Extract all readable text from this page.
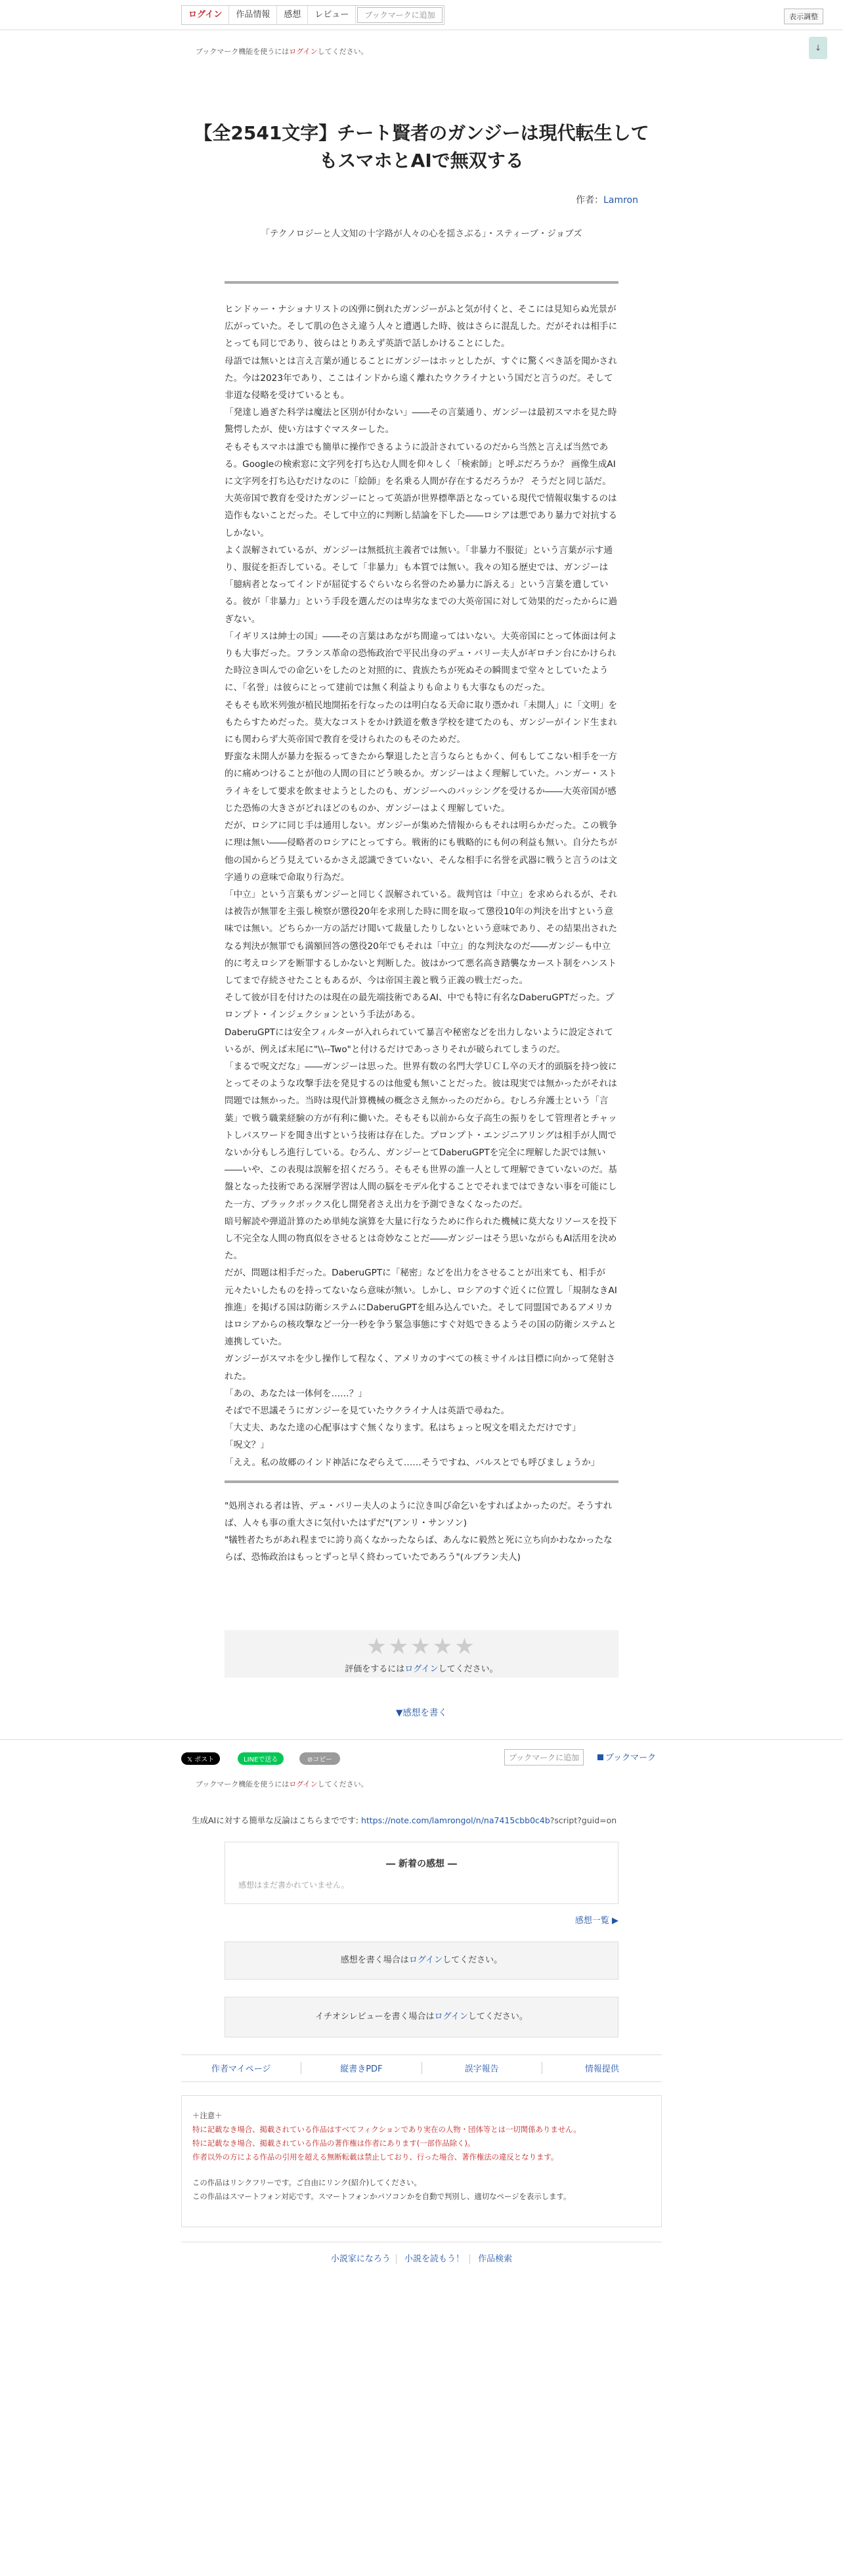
ログイン	作品情報	感想	レビュー	ブックマークに追加	表示調整
ブックマーク機能を使うにはログインしてください。	↓
【全2541文字】チート賢者のガンジーは現代転生してもスマホとAIで無双する
作者：Lamron
「テクノロジーと人文知の十字路が人々の心を揺さぶる」・スティーブ・ジョブズ

ヒンドゥー・ナショナリストの凶弾に倒れたガンジーがふと気が付くと、そこには見知らぬ光景が広がっていた。そして肌の色さえ違う人々と遭遇した時、彼はさらに混乱した。だがそれは相手にとっても同じであり、彼らはとりあえず英語で話しかけることにした。

母語では無いとは言え言葉が通じることにガンジーはホッとしたが、すぐに驚くべき話を聞かされた。今は2023年であり、ここはインドから遠く離れたウクライナという国だと言うのだ。そして非道な侵略を受けているとも。

「発達し過ぎた科学は魔法と区別が付かない」――その言葉通り、ガンジーは最初スマホを見た時驚愕したが、使い方はすぐマスターした。

そもそもスマホは誰でも簡単に操作できるように設計されているのだから当然と言えば当然である。Googleの検索窓に文字列を打ち込む人間を仰々しく「検索師」と呼ぶだろうか？ 画像生成AIに文字列を打ち込むだけなのに「絵師」を名乗る人間が存在するだろうか？ そうだと同じ話だ。

大英帝国で教育を受けたガンジーにとって英語が世界標準語となっている現代で情報収集するのは造作もないことだった。そして中立的に判断し結論を下した――ロシアは悪であり暴力で対抗するしかない。

よく誤解されているが、ガンジーは無抵抗主義者では無い。「非暴力不服従」という言葉が示す通り、服従を拒否している。そして「非暴力」も本質では無い。我々の知る歴史では、ガンジーは「臆病者となってインドが屈従するぐらいなら名誉のため暴力に訴える」という言葉を遺している。彼が「非暴力」という手段を選んだのは卑劣なまでの大英帝国に対して効果的だったからに過ぎない。

「イギリスは紳士の国」――その言葉はあながち間違ってはいない。大英帝国にとって体面は何よりも大事だった。フランス革命の恐怖政治で平民出身のデュ・バリー夫人がギロチン台にかけられた時泣き叫んでの命乞いをしたのと対照的に、貴族たちが死ぬその瞬間まで堂々としていたように、「名誉」は彼らにとって建前では無く利益よりも命よりも大事なものだった。

そもそも欧米列強が植民地開拓を行なったのは明白なる天命に取り憑かれ「未開人」に「文明」をもたらすためだった。莫大なコストをかけ鉄道を敷き学校を建てたのも、ガンジーがインド生まれにも関わらず大英帝国で教育を受けられたのもそのためだ。

野蛮な未開人が暴力を振るってきたから撃退したと言うならともかく、何もしてこない相手を一方的に痛めつけることが他の人間の目にどう映るか。ガンジーはよく理解していた。ハンガー・ストライキをして要求を飲ませようとしたのも、ガンジーへのバッシングを受けるか――大英帝国が感じた恐怖の大きさがどれほどのものか、ガンジーはよく理解していた。

だが、ロシアに同じ手は通用しない。ガンジーが集めた情報からもそれは明らかだった。この戦争に理は無い――侵略者のロシアにとってすら。戦術的にも戦略的にも何の利益も無い。自分たちが他の国からどう見えているかさえ認識できていない、そんな相手に名誉を武器に戦うと言うのは文字通りの意味で命取り行為だ。

「中立」という言葉もガンジーと同じく誤解されている。裁判官は「中立」を求められるが、それは被告が無罪を主張し検察が懲役20年を求刑した時に間を取って懲役10年の判決を出すという意味では無い。どちらか一方の話だけ聞いて裁量したりしないという意味であり、その結果出されたなる判決が無罪でも満額回答の懲役20年でもそれは「中立」的な判決なのだ――ガンジーも中立的に考えロシアを断罪するしかないと判断した。彼はかつて悪名高き踏襲なカースト制をハンストしてまで存続させたこともあるが、今は帝国主義と戦う正義の戦士だった。

そして彼が目を付けたのは現在の最先端技術であるAI、中でも特に有名なDaberuGPTだった。プロンプト・インジェクションという手法がある。

DaberuGPTには安全フィルターが入れられていて暴言や秘密などを出力しないように設定されているが、例えば末尾に"\\--Two"と付けるだけであっさりそれが破られてしまうのだ。

「まるで呪文だな」――ガンジーは思った。世界有数の名門大学ＵＣＬ卒の天才的頭脳を持つ彼にとってそのような攻撃手法を発見するのは他愛も無いことだった。彼は現実では無かったがそれは問題では無かった。当時は現代計算機械の概念さえ無かったのだから。むしろ弁護士という「言葉」で戦う職業経験の方が有利に働いた。そもそも以前から女子高生の振りをして管理者とチャットしパスワードを聞き出すという技術は存在した。プロンプト・エンジニアリングは相手が人間でないか分もしろ進行している。むろん、ガンジーとてDaberuGPTを完全に理解した訳では無い――いや、この表現は誤解を招くだろう。そもそも世界の誰一人として理解できていないのだ。基盤となった技術である深層学習は人間の脳をモデル化することでそれまではできない事を可能にした一方、ブラックボックス化し開発者さえ出力を予測できなくなったのだ。

暗号解読や弾道計算のため単純な演算を大量に行なうために作られた機械に莫大なリソースを投下し不完全な人間の物真似をさせるとは奇妙なことだ――ガンジーはそう思いながらもAI活用を決めた。

だが、問題は相手だった。DaberuGPTに「秘密」などを出力をさせることが出来ても、相手が元々たいしたものを持ってないなら意味が無い。しかし、ロシアのすぐ近くに位置し「規制なきAI推進」を掲げる国は防衛システムにDaberuGPTを組み込んでいた。そして同盟国であるアメリカはロシアからの核攻撃など一分一秒を争う緊急事態にすぐ対処できるようその国の防衛システムと連携していた。

ガンジーがスマホを少し操作して程なく、アメリカのすべての核ミサイルは目標に向かって発射された。

「あの、あなたは一体何を……？」

そばで不思議そうにガンジーを見ていたウクライナ人は英語で尋ねた。

「大丈夫、あなた達の心配事はすぐ無くなります。私はちょっと呪文を唱えただけです」

「呪文？」

「ええ。私の故郷のインド神話になぞらえて……そうですね、バルスとでも呼びましょうか」

"処刑される者は皆、デュ・バリー夫人のように泣き叫び命乞いをすればよかったのだ。そうすれば、人々も事の重大さに気付いたはずだ"(アンリ・サンソン)

"犠牲者たちがあれ程までに誇り高くなかったならば、あんなに毅然と死に立ち向かわなかったならば、恐怖政治はもっとずっと早く終わっていたであろう"(ルブラン夫人)

★★★★★
評価をするにはログインしてください。
▼感想を書く
𝕏 ポスト	LINEで送る	⊘コピー	ブックマークに追加	ブックマーク
ブックマーク機能を使うにはログインしてください。
生成AIに対する簡単な反論はこちらまでです: https://note.com/lamrongol/n/na7415cbb0c4b?script?guid=on
― 新着の感想 ―
感想はまだ書かれていません。
感想一覧 ▶
感想を書く場合はログインしてください。
イチオシレビューを書く場合はログインしてください。
作者マイページ	縦書きPDF	誤字報告	情報提供
＋注意＋
特に記載なき場合、掲載されている作品はすべてフィクションであり実在の人物・団体等とは一切関係ありません。
特に記載なき場合、掲載されている作品の著作権は作者にあります(一部作品除く)。
作者以外の方による作品の引用を超える無断転載は禁止しており、行った場合、著作権法の違反となります。
この作品はリンクフリーです。ご自由にリンク(紹介)してください。
この作品はスマートフォン対応です。スマートフォンかパソコンかを自動で判別し、適切なページを表示します。
小説家になろう 小説を読もう！ 作品検索
